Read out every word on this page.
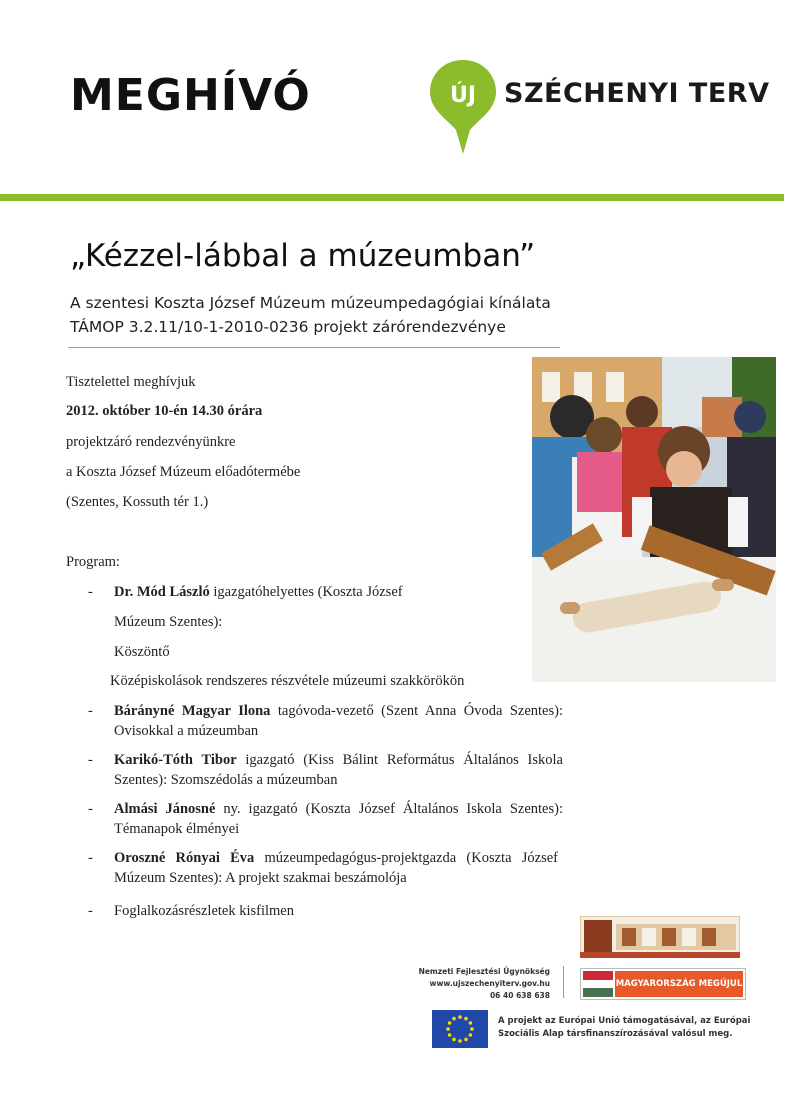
MEGHÍVÓ	ÚJ SZÉCHENYI TERV
„Kézzel-lábbal a múzeumban”
A szentesi Koszta József Múzeum múzeumpedagógiai kínálata
TÁMOP 3.2.11/10-1-2010-0236 projekt zárórendezvénye
Tisztelettel meghívjuk
2012. október 10-én 14.30 órára
projektzáró rendezvényünkre
a Koszta József Múzeum előadótermébe
(Szentes, Kossuth tér 1.)
Program:
- Dr. Mód László igazgatóhelyettes (Koszta József
Múzeum Szentes):
Köszöntő
Középiskolások rendszeres részvétele múzeumi szakkörökön
- Bárányné Magyar Ilona tagóvoda-vezető (Szent Anna Óvoda Szentes): Ovisokkal a múzeumban
- Karikó-Tóth Tibor igazgató (Kiss Bálint Református Általános Iskola Szentes): Szomszédolás a múzeumban
- Almási Jánosné ny. igazgató (Koszta József Általános Iskola Szentes): Témanapok élményei
- Oroszné Rónyai Éva múzeumpedagógus-projektgazda (Koszta József Múzeum Szentes): A projekt szakmai beszámolója
- Foglalkozásrészletek kisfilmen
Nemzeti Fejlesztési Ügynökség
www.ujszechenyiterv.gov.hu
06 40 638 638
MAGYARORSZÁG MEGÚJUL
A projekt az Európai Unió támogatásával, az Európai Szociális Alap társfinanszírozásával valósul meg.
